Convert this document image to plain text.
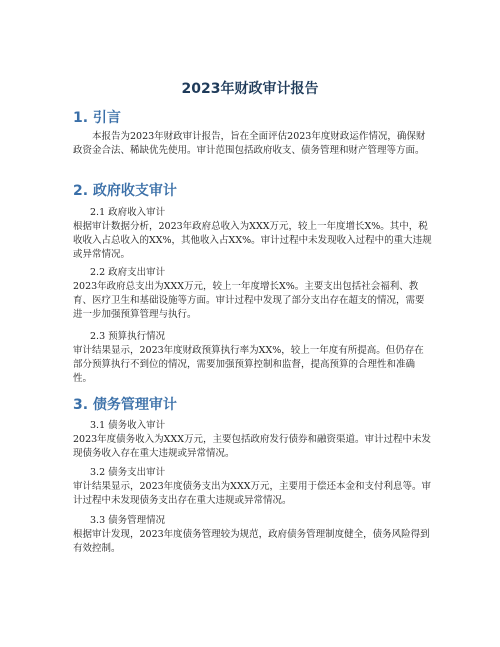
2023年财政审计报告
1. 引言
本报告为2023年财政审计报告，旨在全面评估2023年度财政运作情况，确保财政资金合法、稀缺优先使用。审计范围包括政府收支、债务管理和财产管理等方面。
2. 政府收支审计
2.1 政府收入审计
根据审计数据分析，2023年政府总收入为XXX万元，较上一年度增长X%。其中，税收收入占总收入的XX%，其他收入占XX%。审计过程中未发现收入过程中的重大违规或异常情况。
2.2 政府支出审计
2023年政府总支出为XXX万元，较上一年度增长X%。主要支出包括社会福利、教育、医疗卫生和基础设施等方面。审计过程中发现了部分支出存在超支的情况，需要进一步加强预算管理与执行。
2.3 预算执行情况
审计结果显示，2023年度财政预算执行率为XX%，较上一年度有所提高。但仍存在部分预算执行不到位的情况，需要加强预算控制和监督，提高预算的合理性和准确性。
3. 债务管理审计
3.1 债务收入审计
2023年度债务收入为XXX万元，主要包括政府发行债券和融资渠道。审计过程中未发现债务收入存在重大违规或异常情况。
3.2 债务支出审计
审计结果显示，2023年度债务支出为XXX万元，主要用于偿还本金和支付利息等。审计过程中未发现债务支出存在重大违规或异常情况。
3.3 债务管理情况
根据审计发现，2023年度债务管理较为规范，政府债务管理制度健全，债务风险得到有效控制。
